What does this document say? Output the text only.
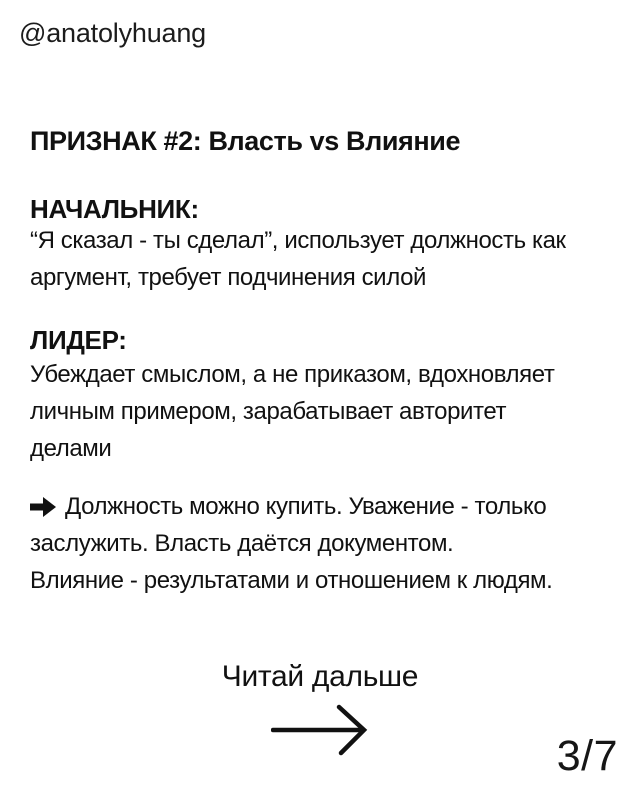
@anatolyhuang
ПРИЗНАК #2: Власть vs Влияние
НАЧАЛЬНИК:
“Я сказал - ты сделал”, использует должность как
аргумент, требует подчинения силой
ЛИДЕР:
Убеждает смыслом, а не приказом, вдохновляет
личным примером, зарабатывает авторитет
делами
Должность можно купить. Уважение - только
заслужить. Власть даётся документом.
Влияние - результатами и отношением к людям.
Читай дальше
3/7
